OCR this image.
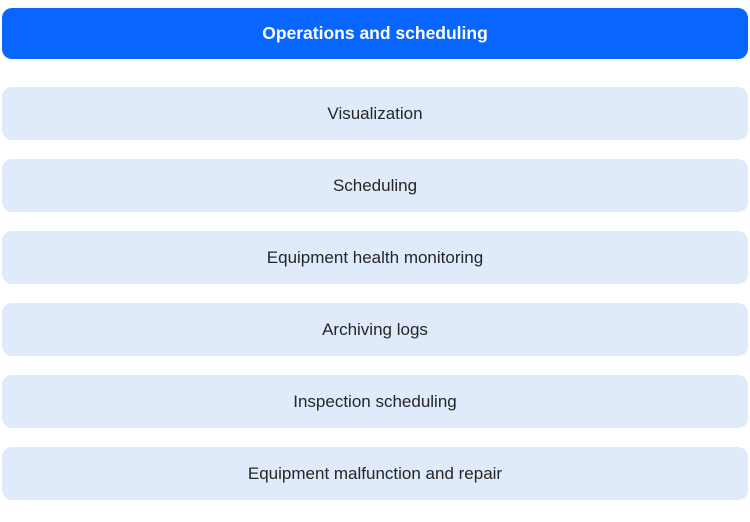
Operations and scheduling
Visualization
Scheduling
Equipment health monitoring
Archiving logs
Inspection scheduling
Equipment malfunction and repair
